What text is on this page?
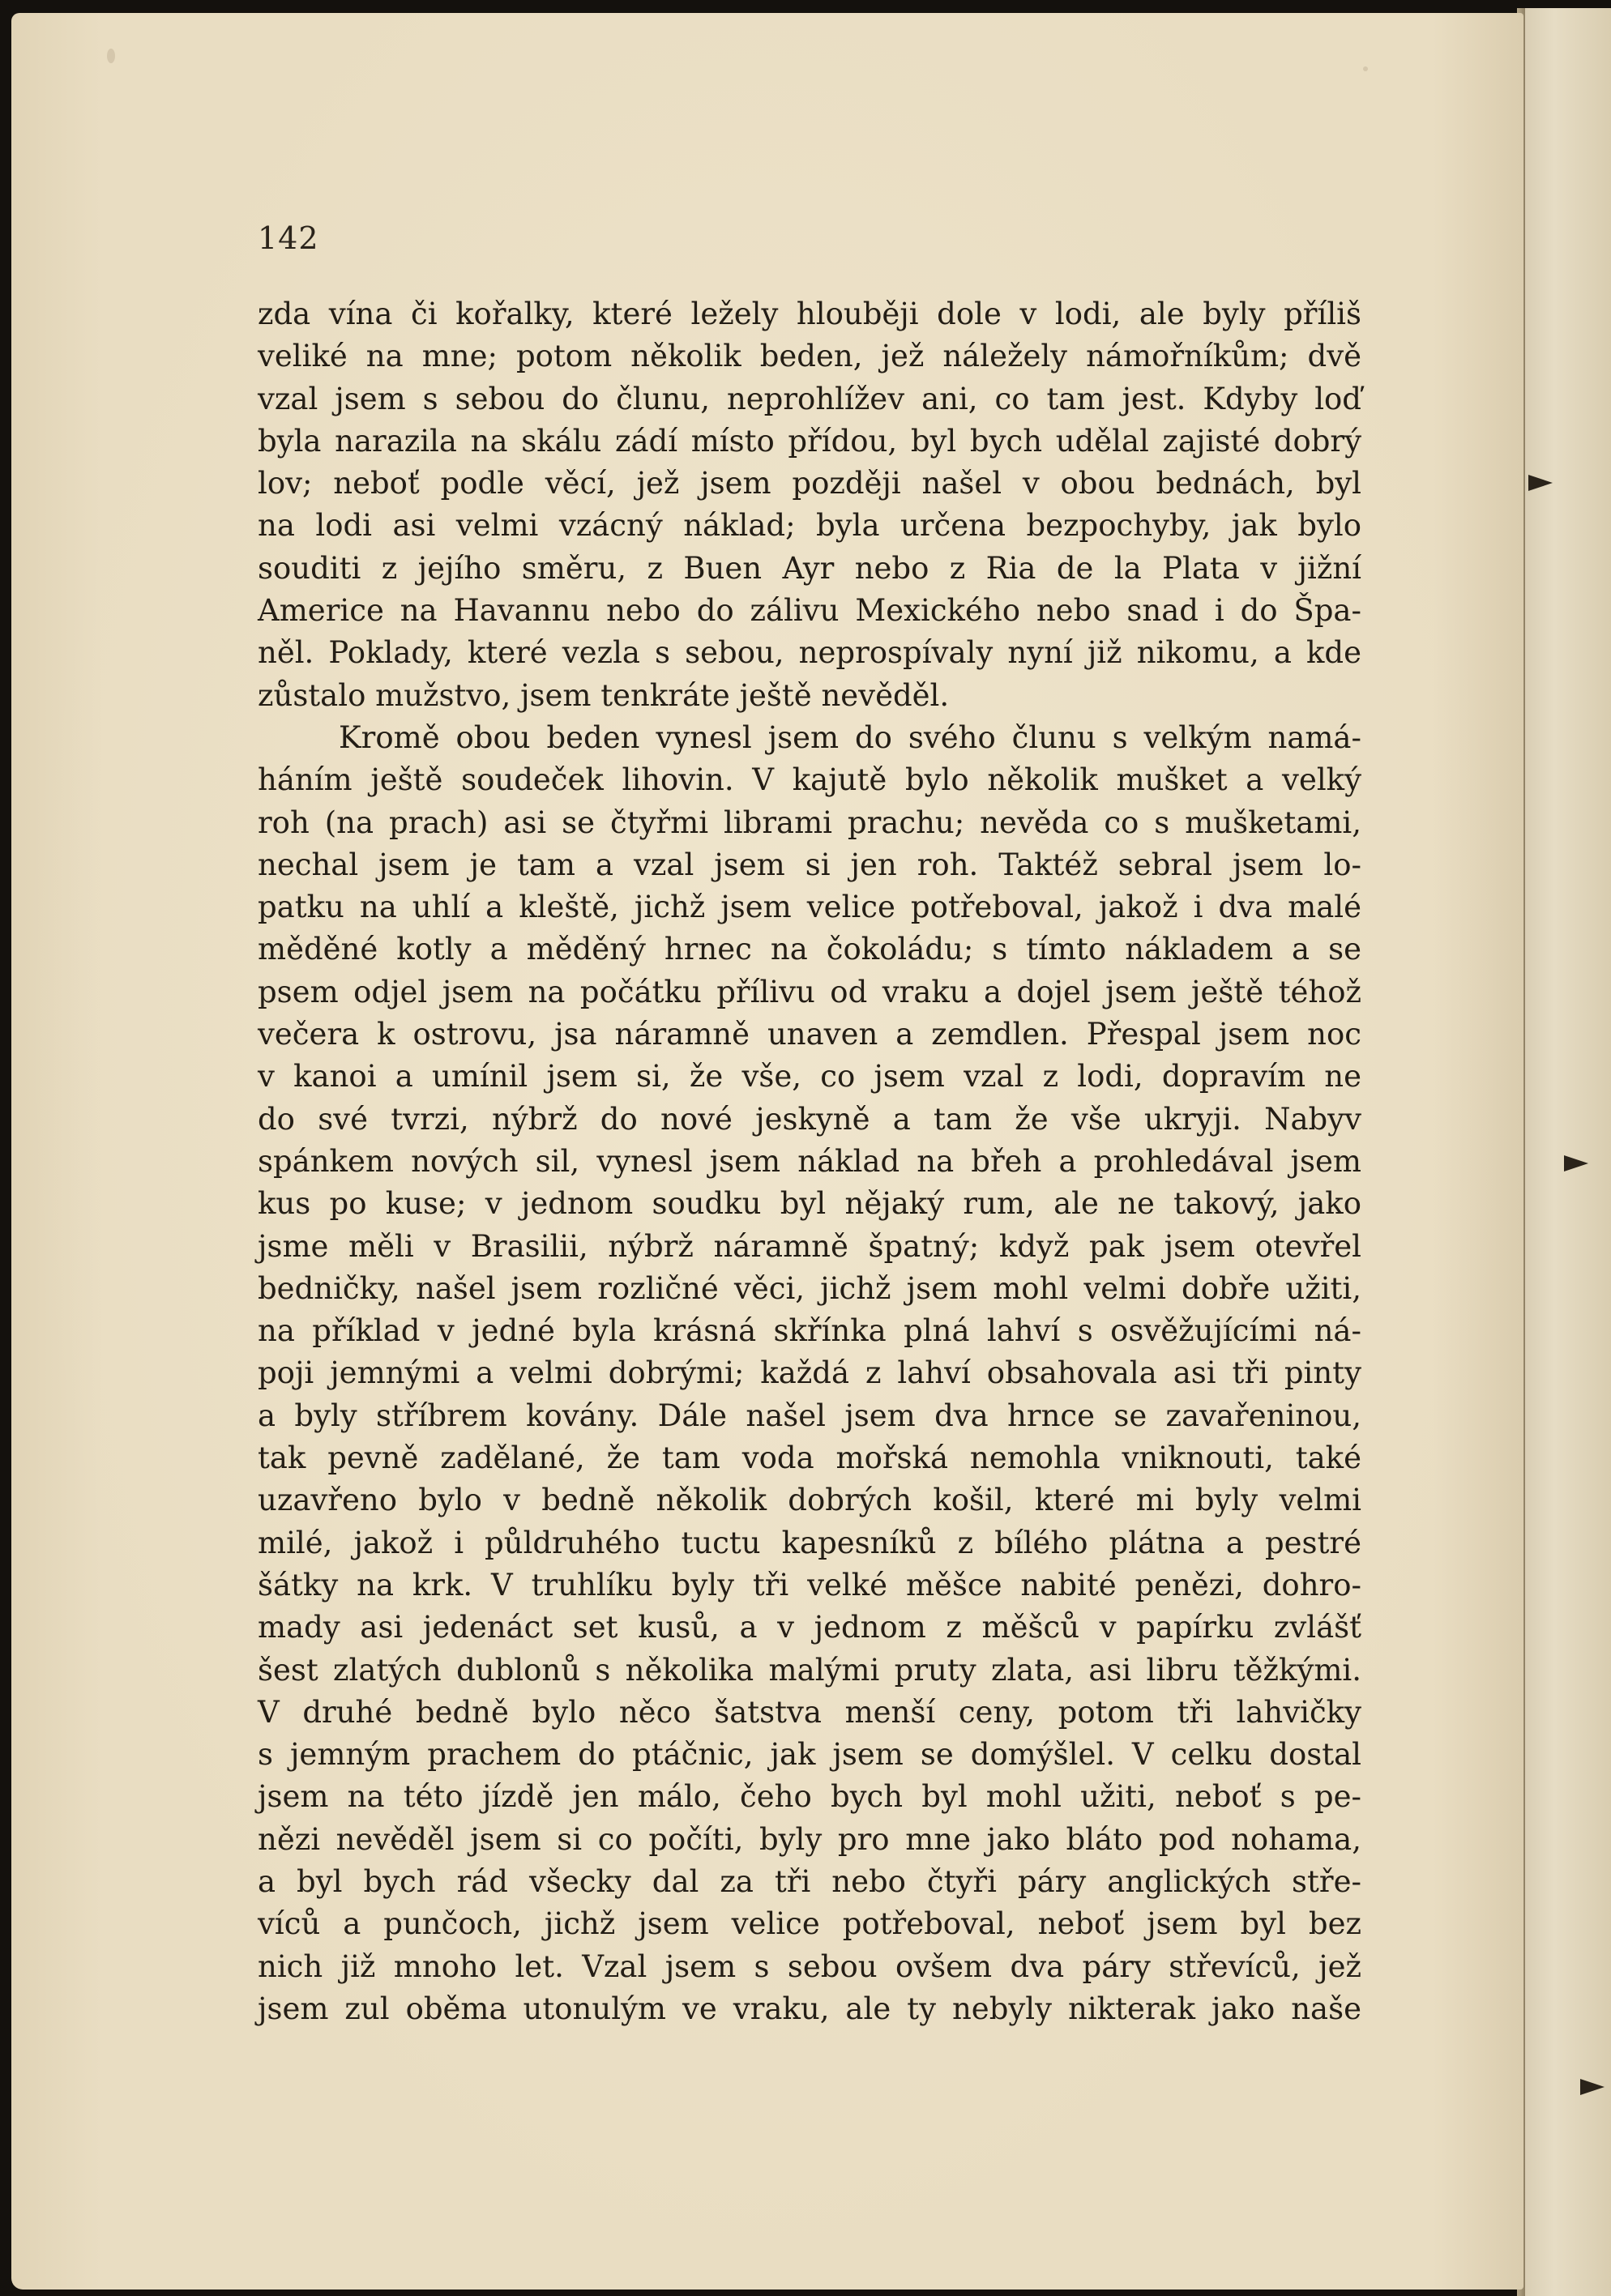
142
zda vína či kořalky, které ležely hlouběji dole v lodi, ale byly příliš
veliké na mne; potom několik beden, jež náležely námořníkům; dvě
vzal jsem s sebou do člunu, neprohlížev ani, co tam jest. Kdyby loď
byla narazila na skálu zádí místo přídou, byl bych udělal zajisté dobrý
lov; neboť podle věcí, jež jsem později našel v obou bednách, byl
na lodi asi velmi vzácný náklad; byla určena bezpochyby, jak bylo
souditi z jejího směru, z Buen Ayr nebo z Ria de la Plata v jižní
Americe na Havannu nebo do zálivu Mexického nebo snad i do Špa-
něl. Poklady, které vezla s sebou, neprospívaly nyní již nikomu, a kde
zůstalo mužstvo, jsem tenkráte ještě nevěděl.
Kromě obou beden vynesl jsem do svého člunu s velkým namá-
háním ještě soudeček lihovin. V kajutě bylo několik mušket a velký
roh (na prach) asi se čtyřmi librami prachu; nevěda co s mušketami,
nechal jsem je tam a vzal jsem si jen roh. Taktéž sebral jsem lo-
patku na uhlí a kleště, jichž jsem velice potřeboval, jakož i dva malé
měděné kotly a měděný hrnec na čokoládu; s tímto nákladem a se
psem odjel jsem na počátku přílivu od vraku a dojel jsem ještě téhož
večera k ostrovu, jsa náramně unaven a zemdlen. Přespal jsem noc
v kanoi a umínil jsem si, že vše, co jsem vzal z lodi, dopravím ne
do své tvrzi, nýbrž do nové jeskyně a tam že vše ukryji. Nabyv
spánkem nových sil, vynesl jsem náklad na břeh a prohledával jsem
kus po kuse; v jednom soudku byl nějaký rum, ale ne takový, jako
jsme měli v Brasilii, nýbrž náramně špatný; když pak jsem otevřel
bedničky, našel jsem rozličné věci, jichž jsem mohl velmi dobře užiti,
na příklad v jedné byla krásná skřínka plná lahví s osvěžujícími ná-
poji jemnými a velmi dobrými; každá z lahví obsahovala asi tři pinty
a byly stříbrem kovány. Dále našel jsem dva hrnce se zavařeninou,
tak pevně zadělané, že tam voda mořská nemohla vniknouti, také
uzavřeno bylo v bedně několik dobrých košil, které mi byly velmi
milé, jakož i půldruhého tuctu kapesníků z bílého plátna a pestré
šátky na krk. V truhlíku byly tři velké měšce nabité penězi, dohro-
mady asi jedenáct set kusů, a v jednom z měšců v papírku zvlášť
šest zlatých dublonů s několika malými pruty zlata, asi libru těžkými.
V druhé bedně bylo něco šatstva menší ceny, potom tři lahvičky
s jemným prachem do ptáčnic, jak jsem se domýšlel. V celku dostal
jsem na této jízdě jen málo, čeho bych byl mohl užiti, neboť s pe-
nězi nevěděl jsem si co počíti, byly pro mne jako bláto pod nohama,
a byl bych rád všecky dal za tři nebo čtyři páry anglických stře-
víců a punčoch, jichž jsem velice potřeboval, neboť jsem byl bez
nich již mnoho let. Vzal jsem s sebou ovšem dva páry střevíců, jež
jsem zul oběma utonulým ve vraku, ale ty nebyly nikterak jako naše
